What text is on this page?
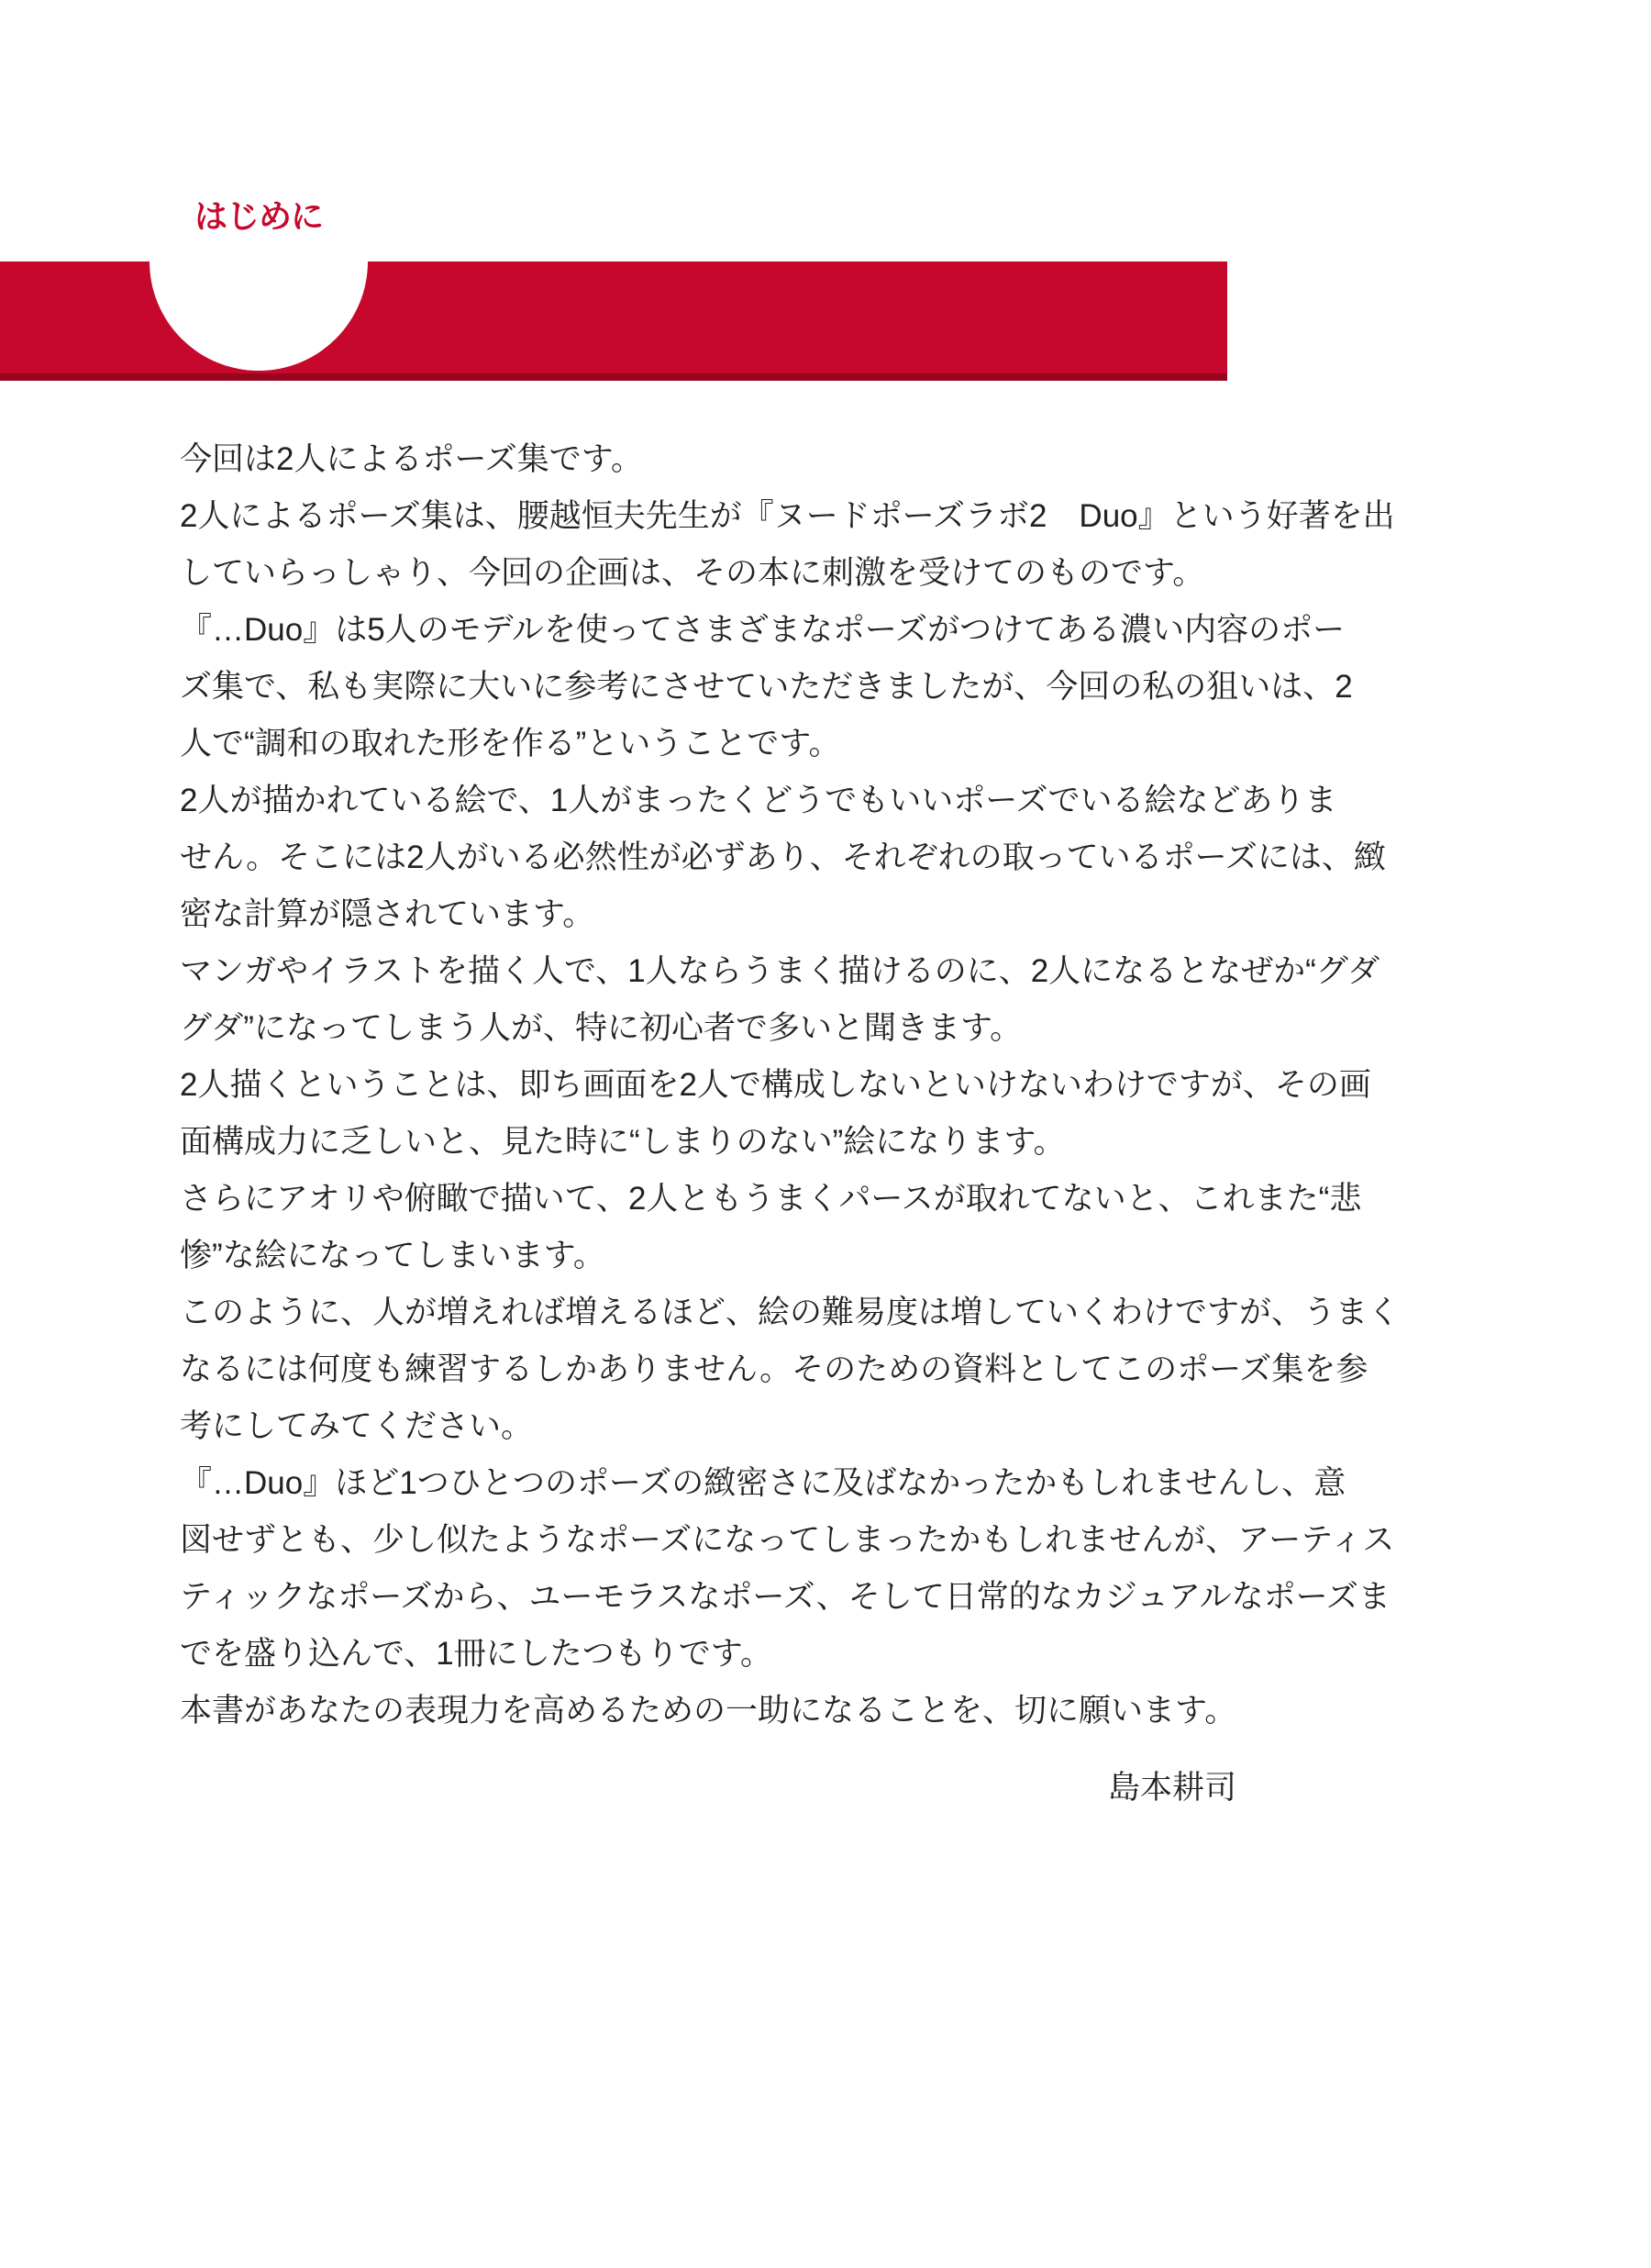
はじめに
今回は2人によるポーズ集です。
2人によるポーズ集は、腰越恒夫先生が『ヌードポーズラボ2　Duo』という好著を出
していらっしゃり、今回の企画は、その本に刺激を受けてのものです。
『…Duo』は5人のモデルを使ってさまざまなポーズがつけてある濃い内容のポー
ズ集で、私も実際に大いに参考にさせていただきましたが、今回の私の狙いは、2
人で“調和の取れた形を作る”ということです。
2人が描かれている絵で、1人がまったくどうでもいいポーズでいる絵などありま
せん。そこには2人がいる必然性が必ずあり、それぞれの取っているポーズには、緻
密な計算が隠されています。
マンガやイラストを描く人で、1人ならうまく描けるのに、2人になるとなぜか“グダ
グダ”になってしまう人が、特に初心者で多いと聞きます。
2人描くということは、即ち画面を2人で構成しないといけないわけですが、その画
面構成力に乏しいと、見た時に“しまりのない”絵になります。
さらにアオリや俯瞰で描いて、2人ともうまくパースが取れてないと、これまた“悲
惨”な絵になってしまいます。
このように、人が増えれば増えるほど、絵の難易度は増していくわけですが、うまく
なるには何度も練習するしかありません。そのための資料としてこのポーズ集を参
考にしてみてください。
『…Duo』ほど1つひとつのポーズの緻密さに及ばなかったかもしれませんし、意
図せずとも、少し似たようなポーズになってしまったかもしれませんが、アーティス
ティックなポーズから、ユーモラスなポーズ、そして日常的なカジュアルなポーズま
でを盛り込んで、1冊にしたつもりです。
本書があなたの表現力を高めるための一助になることを、切に願います。
島本耕司
